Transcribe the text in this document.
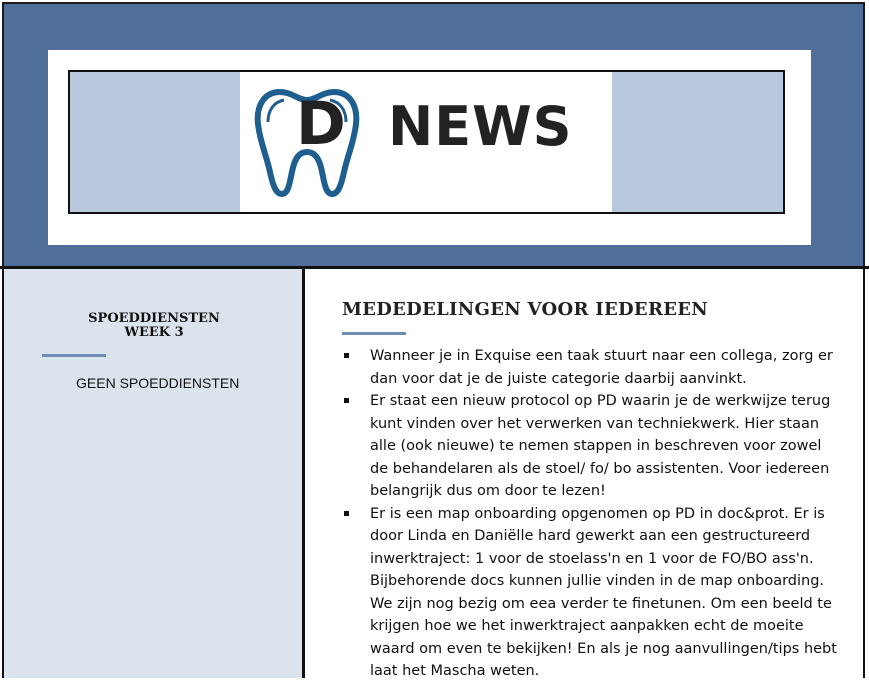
D NEWS
SPOEDDIENSTEN
WEEK 3
GEEN SPOEDDIENSTEN
MEDEDELINGEN VOOR IEDEREEN
Wanneer je in Exquise een taak stuurt naar een collega, zorg er dan voor dat je de juiste categorie daarbij aanvinkt.
Er staat een nieuw protocol op PD waarin je de werkwijze terug kunt vinden over het verwerken van techniekwerk. Hier staan alle (ook nieuwe) te nemen stappen in beschreven voor zowel de behandelaren als de stoel/ fo/ bo assistenten. Voor iedereen belangrijk dus om door te lezen!
Er is een map onboarding opgenomen op PD in doc&prot. Er is door Linda en Daniëlle hard gewerkt aan een gestructureerd inwerktraject: 1 voor de stoelass'n en 1 voor de FO/BO ass'n. Bijbehorende docs kunnen jullie vinden in de map onboarding. We zijn nog bezig om eea verder te finetunen. Om een beeld te krijgen hoe we het inwerktraject aanpakken echt de moeite waard om even te bekijken! En als je nog aanvullingen/tips hebt laat het Mascha weten.
